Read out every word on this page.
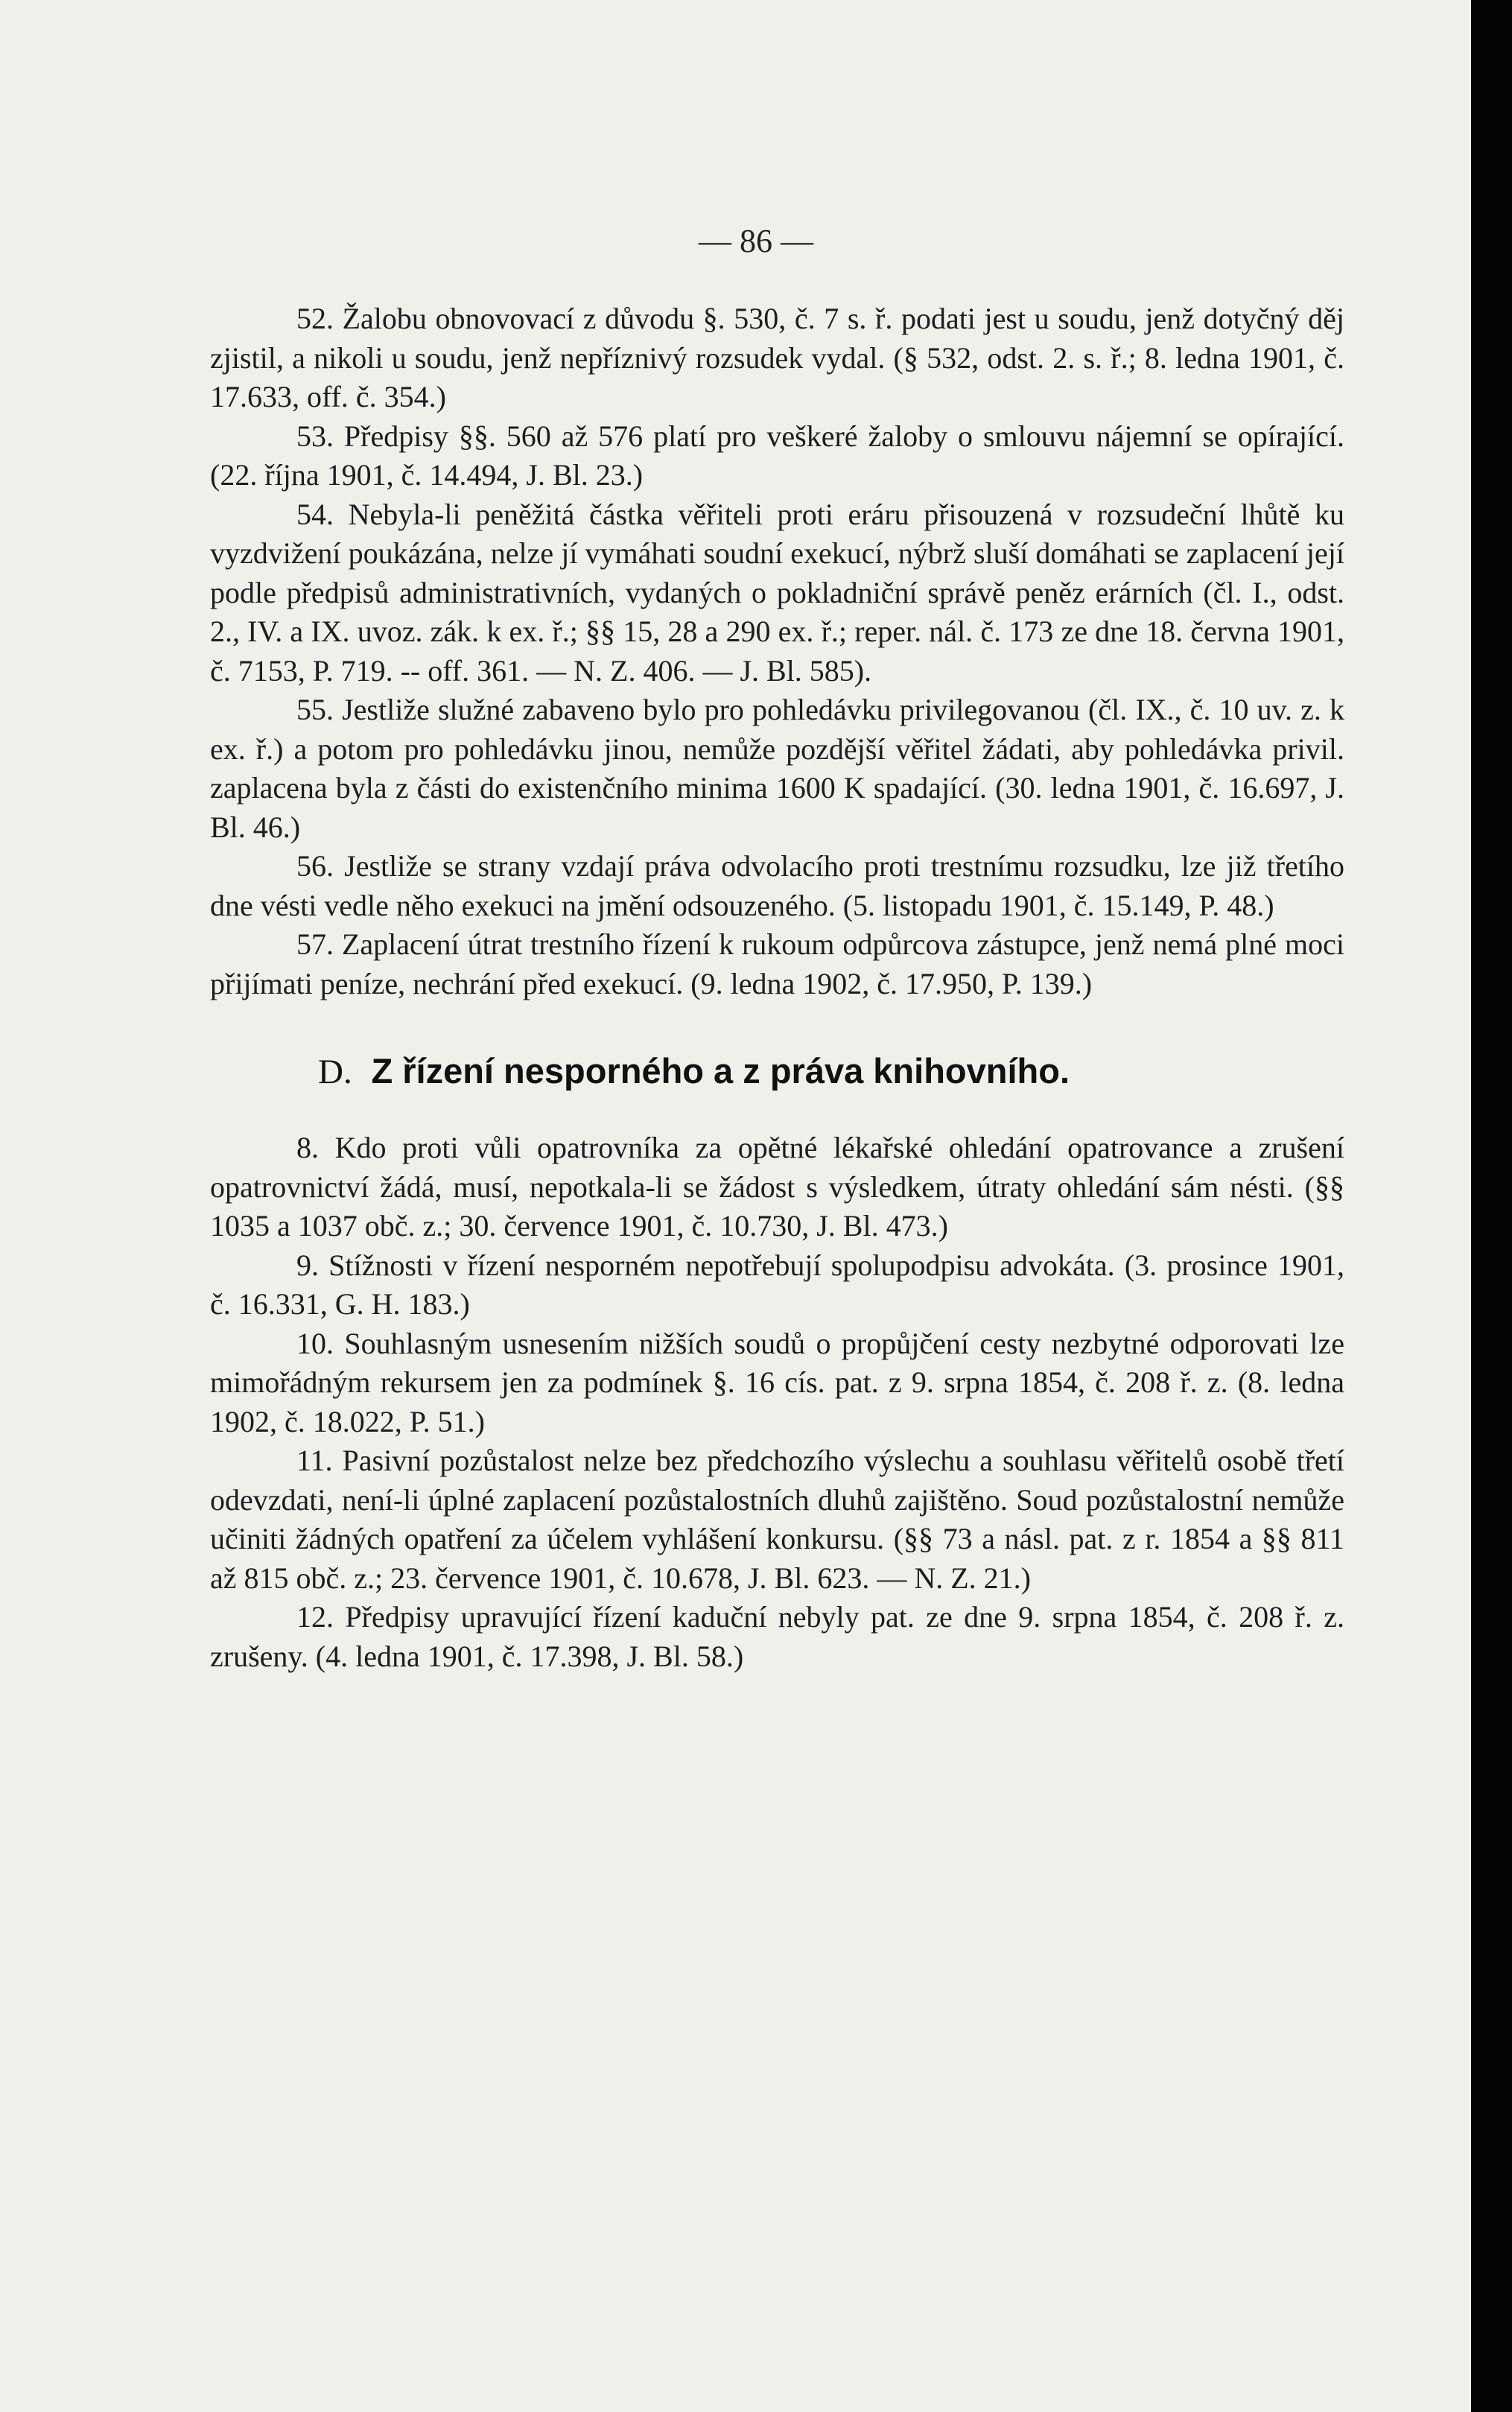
— 86 —

52. Žalobu obnovovací z důvodu §. 530, č. 7 s. ř. podati jest u soudu, jenž dotyčný děj zjistil, a nikoli u soudu, jenž nepříznivý rozsudek vydal. (§ 532, odst. 2. s. ř.; 8. ledna 1901, č. 17.633, off. č. 354.)

53. Předpisy §§. 560 až 576 platí pro veškeré žaloby o smlouvu nájemní se opírající. (22. října 1901, č. 14.494, J. Bl. 23.)

54. Nebyla-li peněžitá částka věřiteli proti eráru přisouzená v rozsudeční lhůtě ku vyzdvižení poukázána, nelze jí vymáhati soudní exekucí, nýbrž sluší domáhati se zaplacení její podle předpisů administrativních, vydaných o pokladniční správě peněz erárních (čl. I., odst. 2., IV. a IX. uvoz. zák. k ex. ř.; §§ 15, 28 a 290 ex. ř.; reper. nál. č. 173 ze dne 18. června 1901, č. 7153, P. 719. -- off. 361. — N. Z. 406. — J. Bl. 585).

55. Jestliže služné zabaveno bylo pro pohledávku privilegovanou (čl. IX., č. 10 uv. z. k ex. ř.) a potom pro pohledávku jinou, nemůže pozdější věřitel žádati, aby pohledávka privil. zaplacena byla z části do existenčního minima 1600 K spadající. (30. ledna 1901, č. 16.697, J. Bl. 46.)

56. Jestliže se strany vzdají práva odvolacího proti trestnímu rozsudku, lze již třetího dne vésti vedle něho exekuci na jmění odsouzeného. (5. listopadu 1901, č. 15.149, P. 48.)

57. Zaplacení útrat trestního řízení k rukoum odpůrcova zástupce, jenž nemá plné moci přijímati peníze, nechrání před exekucí. (9. ledna 1902, č. 17.950, P. 139.)

D. Z řízení nesporného a z práva knihovního.

8. Kdo proti vůli opatrovníka za opětné lékařské ohledání opatrovance a zrušení opatrovnictví žádá, musí, nepotkala-li se žádost s výsledkem, útraty ohledání sám nésti. (§§ 1035 a 1037 obč. z.; 30. července 1901, č. 10.730, J. Bl. 473.)

9. Stížnosti v řízení nesporném nepotřebují spolupodpisu advokáta. (3. prosince 1901, č. 16.331, G. H. 183.)

10. Souhlasným usnesením nižších soudů o propůjčení cesty nezbytné odporovati lze mimořádným rekursem jen za podmínek §. 16 cís. pat. z 9. srpna 1854, č. 208 ř. z. (8. ledna 1902, č. 18.022, P. 51.)

11. Pasivní pozůstalost nelze bez předchozího výslechu a souhlasu věřitelů osobě třetí odevzdati, není-li úplné zaplacení pozůstalostních dluhů zajištěno. Soud pozůstalostní nemůže učiniti žádných opatření za účelem vyhlášení konkursu. (§§ 73 a násl. pat. z r. 1854 a §§ 811 až 815 obč. z.; 23. července 1901, č. 10.678, J. Bl. 623. — N. Z. 21.)

12. Předpisy upravující řízení kaduční nebyly pat. ze dne 9. srpna 1854, č. 208 ř. z. zrušeny. (4. ledna 1901, č. 17.398, J. Bl. 58.)
